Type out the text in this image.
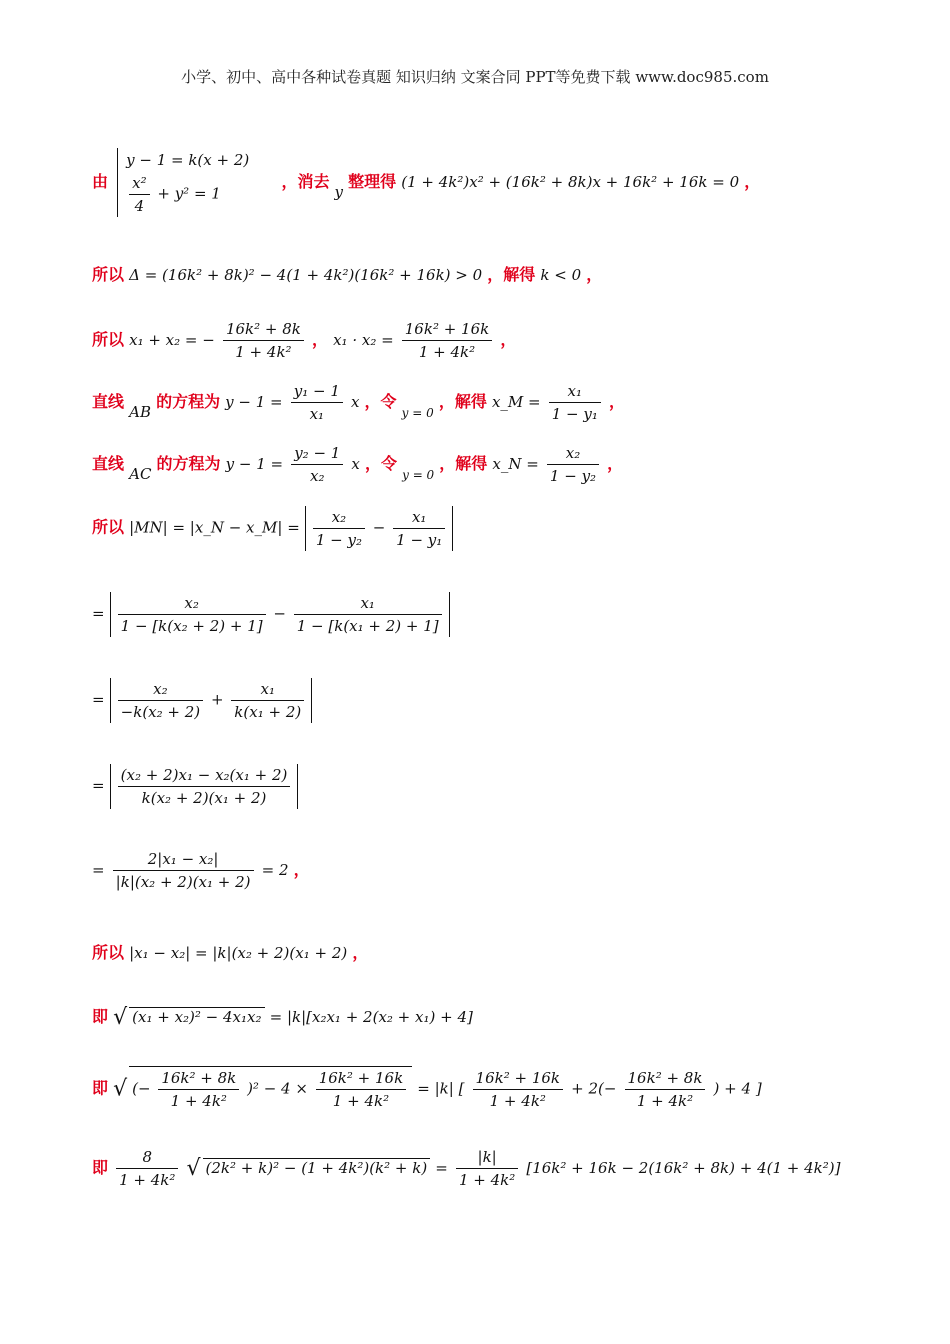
小学、初中、高中各种试卷真题 知识归纳 文案合同 PPT等免费下载 www.doc985.com
由
y − 1 = k(x + 2)
$\frac{\text{x²}}{4} + y^2 = 1$
，消去 y 整理得 (1 + 4k²)x² + (16k² + 8k)x + 16k² + 16k = 0 ，
所以 Δ = (16k² + 8k)² − 4(1 + 4k²)(16k² + 16k) > 0 ，解得 k < 0 ，
所以 x₁ + x₂ = − $\frac{\text{16k² + 8k}}{\text{1 + 4k²}}$ ， $x_1 \cdot x_2 = \frac{\text{16k² + 16k}}{\text{1 + 4k²}}$ ，
直线 AB 的方程为 $y - 1 = \frac{\text{y₁ − 1}}{\text{x₁}}$ x ，令 $_{y = 0}$ ，解得 x_M = $\frac{\text{x₁}}{\text{1 − y₁}}$ ，
直线 AC 的方程为 $y - 1 = \frac{\text{y₂ − 1}}{\text{x₂}}$ x ，令 $_{y = 0}$ ，解得 x_N = $\frac{\text{x₂}}{\text{1 − y₂}}$ ，
所以 |MN| = |x_N − x_M| = $\frac{\text{x₂}}{\text{1 − y₂}} - \frac{\text{x₁}}{\text{1 − y₁}}$
= $\frac{\text{x₂}}{\text{1 − [k(x₂ + 2) + 1]}} - \frac{\text{x₁}}{\text{1 − [k(x₁ + 2) + 1]}}$
= $\frac{\text{x₂}}{\text{−k(x₂ + 2)}} + \frac{\text{x₁}}{\text{k(x₁ + 2)}}$
= $\frac{\text{(x₂ + 2)x₁ − x₂(x₁ + 2)}}{\text{k(x₂ + 2)(x₁ + 2)}}$
= $\frac{\text{2|x₁ − x₂|}}{\text{|k|(x₂ + 2)(x₁ + 2)}} = 2$ ，
所以 |x₁ − x₂| = |k|(x₂ + 2)(x₁ + 2) ，
即 √ (x₁ + x₂)² − 4x₁x₂ = |k|[x₂x₁ + 2(x₂ + x₁) + 4]
即 √ (− $\frac{\text{16k² + 8k}}{\text{1 + 4k²}} )^2 - 4 \times \frac{\text{16k² + 16k}}{\text{1 + 4k²}} = |k|$ [ $\frac{\text{16k² + 16k}}{\text{1 + 4k²}} + 2(- \frac{\text{16k² + 8k}}{\text{1 + 4k²}}$ ) + 4 ]
即 $\frac{8}{\text{1 + 4k²}}$ √ $(2k^2 + k)^2 - (1 + 4k^2)(k^2 + k) = \frac{|k|}{\text{1 + 4k²}} [16k^2 + 16k - 2(16k^2 + 8k) + 4(1 + 4k^2)]$
